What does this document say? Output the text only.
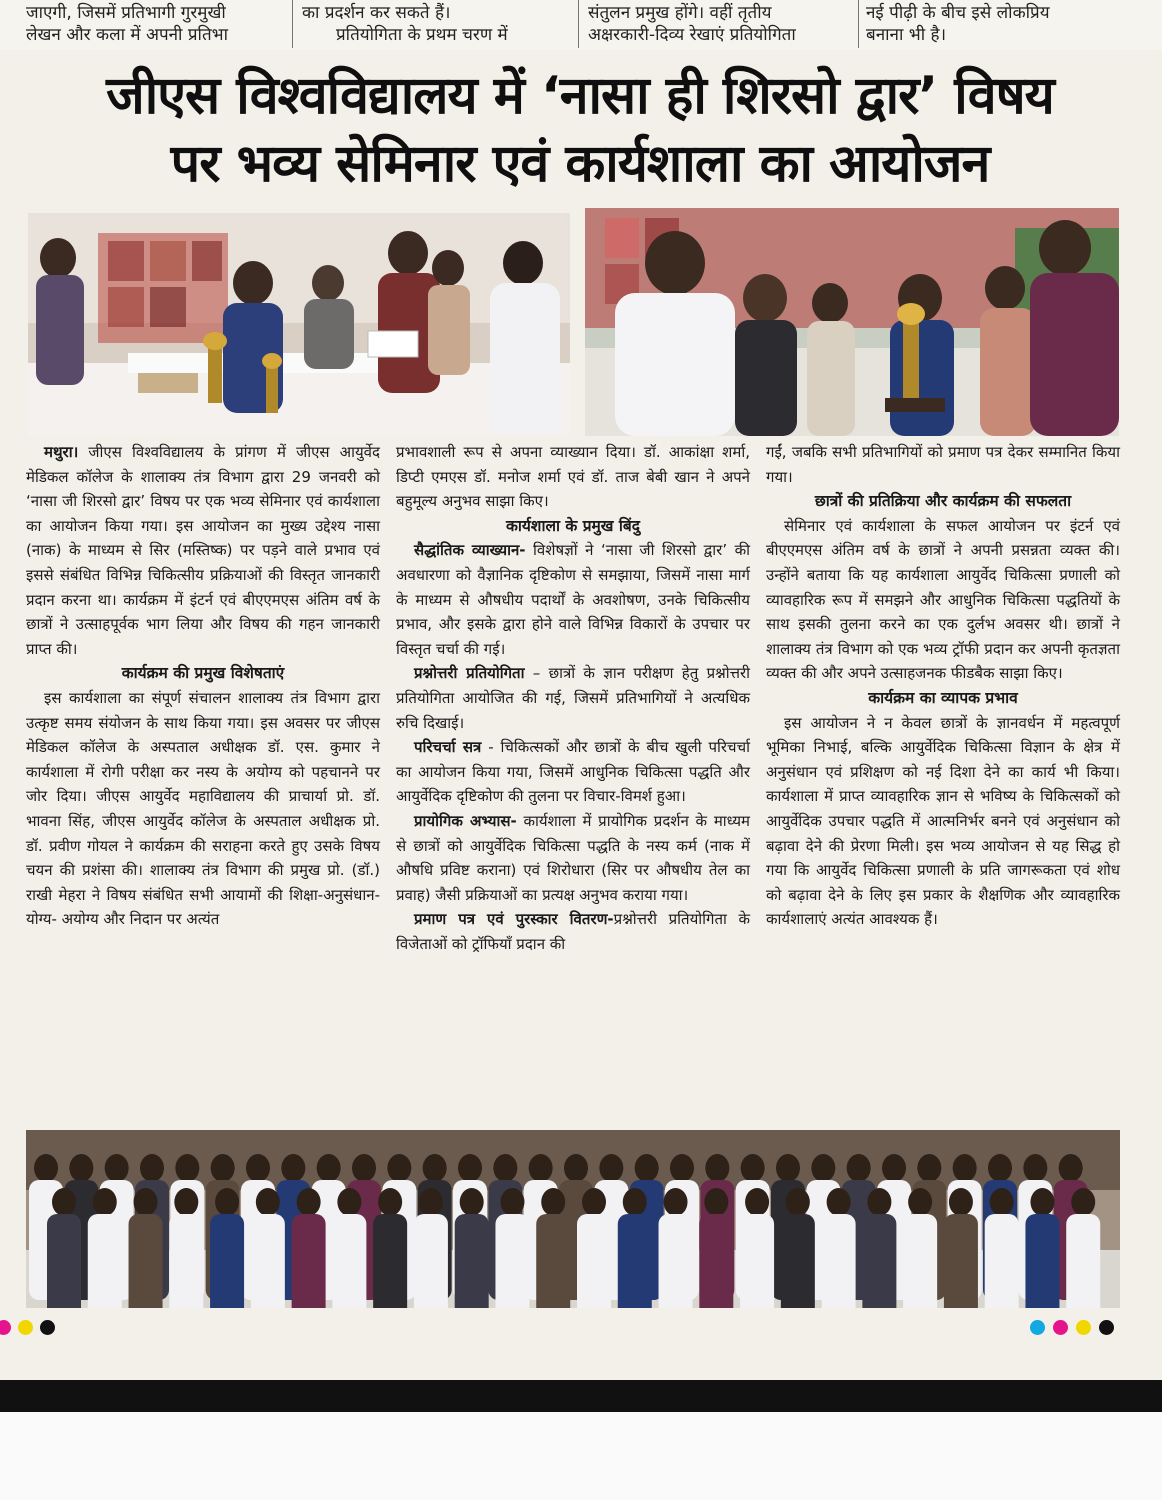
जाएगी, जिसमें प्रतिभागी गुरमुखी
लेखन और कला में अपनी प्रतिभा
का प्रदर्शन कर सकते हैं।
प्रतियोगिता के प्रथम चरण में
संतुलन प्रमुख होंगे। वहीं तृतीय
अक्षरकारी-दिव्य रेखाएं प्रतियोगिता
नई पीढ़ी के बीच इसे लोकप्रिय
बनाना भी है।
जीएस विश्वविद्यालय में ‘नासा ही शिरसो द्वार’ विषय
पर भव्य सेमिनार एवं कार्यशाला का आयोजन

मथुरा। जीएस विश्वविद्यालय के प्रांगण में जीएस आयुर्वेद मेडिकल कॉलेज के शालाक्य तंत्र विभाग द्वारा 29 जनवरी को ‘नासा जी शिरसो द्वार’ विषय पर एक भव्य सेमिनार एवं कार्यशाला का आयोजन किया गया। इस आयोजन का मुख्य उद्देश्य नासा (नाक) के माध्यम से सिर (मस्तिष्क) पर पड़ने वाले प्रभाव एवं इससे संबंधित विभिन्न चिकित्सीय प्रक्रियाओं की विस्तृत जानकारी प्रदान करना था। कार्यक्रम में इंटर्न एवं बीएएमएस अंतिम वर्ष के छात्रों ने उत्साहपूर्वक भाग लिया और विषय की गहन जानकारी प्राप्त की।

कार्यक्रम की प्रमुख विशेषताएं

इस कार्यशाला का संपूर्ण संचालन शालाक्य तंत्र विभाग द्वारा उत्कृष्ट समय संयोजन के साथ किया गया। इस अवसर पर जीएस मेडिकल कॉलेज के अस्पताल अधीक्षक डॉ. एस. कुमार ने कार्यशाला में रोगी परीक्षा कर नस्य के अयोग्य को पहचानने पर जोर दिया। जीएस आयुर्वेद महाविद्यालय की प्राचार्या प्रो. डॉ. भावना सिंह, जीएस आयुर्वेद कॉलेज के अस्पताल अधीक्षक प्रो. डॉ. प्रवीण गोयल ने कार्यक्रम की सराहना करते हुए उसके विषय चयन की प्रशंसा की। शालाक्य तंत्र विभाग की प्रमुख प्रो. (डॉ.) राखी मेहरा ने विषय संबंधित सभी आयामों की शिक्षा-अनुसंधान- योग्य- अयोग्य और निदान पर अत्यंत

प्रभावशाली रूप से अपना व्याख्यान दिया। डॉ. आकांक्षा शर्मा, डिप्टी एमएस डॉ. मनोज शर्मा एवं डॉ. ताज बेबी खान ने अपने बहुमूल्य अनुभव साझा किए।

कार्यशाला के प्रमुख बिंदु

सैद्धांतिक व्याख्यान- विशेषज्ञों ने ‘नासा जी शिरसो द्वार’ की अवधारणा को वैज्ञानिक दृष्टिकोण से समझाया, जिसमें नासा मार्ग के माध्यम से औषधीय पदार्थों के अवशोषण, उनके चिकित्सीय प्रभाव, और इसके द्वारा होने वाले विभिन्न विकारों के उपचार पर विस्तृत चर्चा की गई।

प्रश्नोत्तरी प्रतियोगिता – छात्रों के ज्ञान परीक्षण हेतु प्रश्नोत्तरी प्रतियोगिता आयोजित की गई, जिसमें प्रतिभागियों ने अत्यधिक रुचि दिखाई।

परिचर्चा सत्र - चिकित्सकों और छात्रों के बीच खुली परिचर्चा का आयोजन किया गया, जिसमें आधुनिक चिकित्सा पद्धति और आयुर्वेदिक दृष्टिकोण की तुलना पर विचार-विमर्श हुआ।

प्रायोगिक अभ्यास- कार्यशाला में प्रायोगिक प्रदर्शन के माध्यम से छात्रों को आयुर्वेदिक चिकित्सा पद्धति के नस्य कर्म (नाक में औषधि प्रविष्ट कराना) एवं शिरोधारा (सिर पर औषधीय तेल का प्रवाह) जैसी प्रक्रियाओं का प्रत्यक्ष अनुभव कराया गया।

प्रमाण पत्र एवं पुरस्कार वितरण-प्रश्नोत्तरी प्रतियोगिता के विजेताओं को ट्रॉफियाँ प्रदान की

गईं, जबकि सभी प्रतिभागियों को प्रमाण पत्र देकर सम्मानित किया गया।

छात्रों की प्रतिक्रिया और कार्यक्रम की सफलता

सेमिनार एवं कार्यशाला के सफल आयोजन पर इंटर्न एवं बीएएमएस अंतिम वर्ष के छात्रों ने अपनी प्रसन्नता व्यक्त की। उन्होंने बताया कि यह कार्यशाला आयुर्वेद चिकित्सा प्रणाली को व्यावहारिक रूप में समझने और आधुनिक चिकित्सा पद्धतियों के साथ इसकी तुलना करने का एक दुर्लभ अवसर थी। छात्रों ने शालाक्य तंत्र विभाग को एक भव्य ट्रॉफी प्रदान कर अपनी कृतज्ञता व्यक्त की और अपने उत्साहजनक फीडबैक साझा किए।

कार्यक्रम का व्यापक प्रभाव

इस आयोजन ने न केवल छात्रों के ज्ञानवर्धन में महत्वपूर्ण भूमिका निभाई, बल्कि आयुर्वेदिक चिकित्सा विज्ञान के क्षेत्र में अनुसंधान एवं प्रशिक्षण को नई दिशा देने का कार्य भी किया। कार्यशाला में प्राप्त व्यावहारिक ज्ञान से भविष्य के चिकित्सकों को आयुर्वेदिक उपचार पद्धति में आत्मनिर्भर बनने एवं अनुसंधान को बढ़ावा देने की प्रेरणा मिली। इस भव्य आयोजन से यह सिद्ध हो गया कि आयुर्वेद चिकित्सा प्रणाली के प्रति जागरूकता एवं शोध को बढ़ावा देने के लिए इस प्रकार के शैक्षणिक और व्यावहारिक कार्यशालाएं अत्यंत आवश्यक हैं।
